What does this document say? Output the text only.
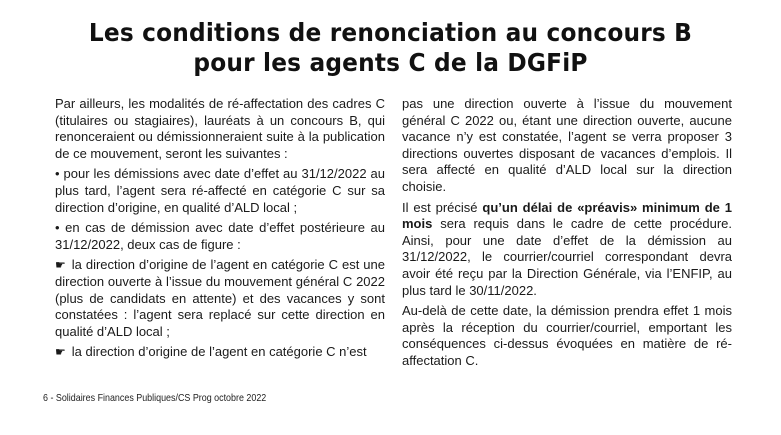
Les conditions de renonciation au concours B
pour les agents C de la DGFiP

Par ailleurs, les modalités de ré-affectation des cadres C (titulaires ou stagiaires), lauréats à un concours B, qui renonceraient ou démissionneraient suite à la publication de ce mouvement, seront les suivantes :

• pour les démissions avec date d’effet au 31/12/2022 au plus tard, l’agent sera ré-affecté en catégorie C sur sa direction d’origine, en qualité d’ALD local ;

• en cas de démission avec date d’effet postérieure au 31/12/2022, deux cas de figure :

☛ la direction d’origine de l’agent en catégorie C est une direction ouverte à l’issue du mouvement général C 2022 (plus de candidats en attente) et des vacances y sont constatées : l’agent sera replacé sur cette direction en qualité d’ALD local ;

☛ la direction d’origine de l’agent en catégorie C n’est

pas une direction ouverte à l’issue du mouvement général C 2022 ou, étant une direction ouverte, aucune vacance n’y est constatée, l’agent se verra proposer 3 directions ouvertes disposant de vacances d’emplois. Il sera affecté en qualité d’ALD local sur la direction choisie.

Il est précisé qu’un délai de «préavis» minimum de 1 mois sera requis dans le cadre de cette procédure. Ainsi, pour une date d’effet de la démission au 31/12/2022, le courrier/courriel correspondant devra avoir été reçu par la Direction Générale, via l’ENFIP, au plus tard le 30/11/2022.

Au-delà de cette date, la démission prendra effet 1 mois après la réception du courrier/courriel, emportant les conséquences ci-dessus évoquées en matière de ré-affectation C.

6 - Solidaires Finances Publiques/CS Prog octobre 2022
